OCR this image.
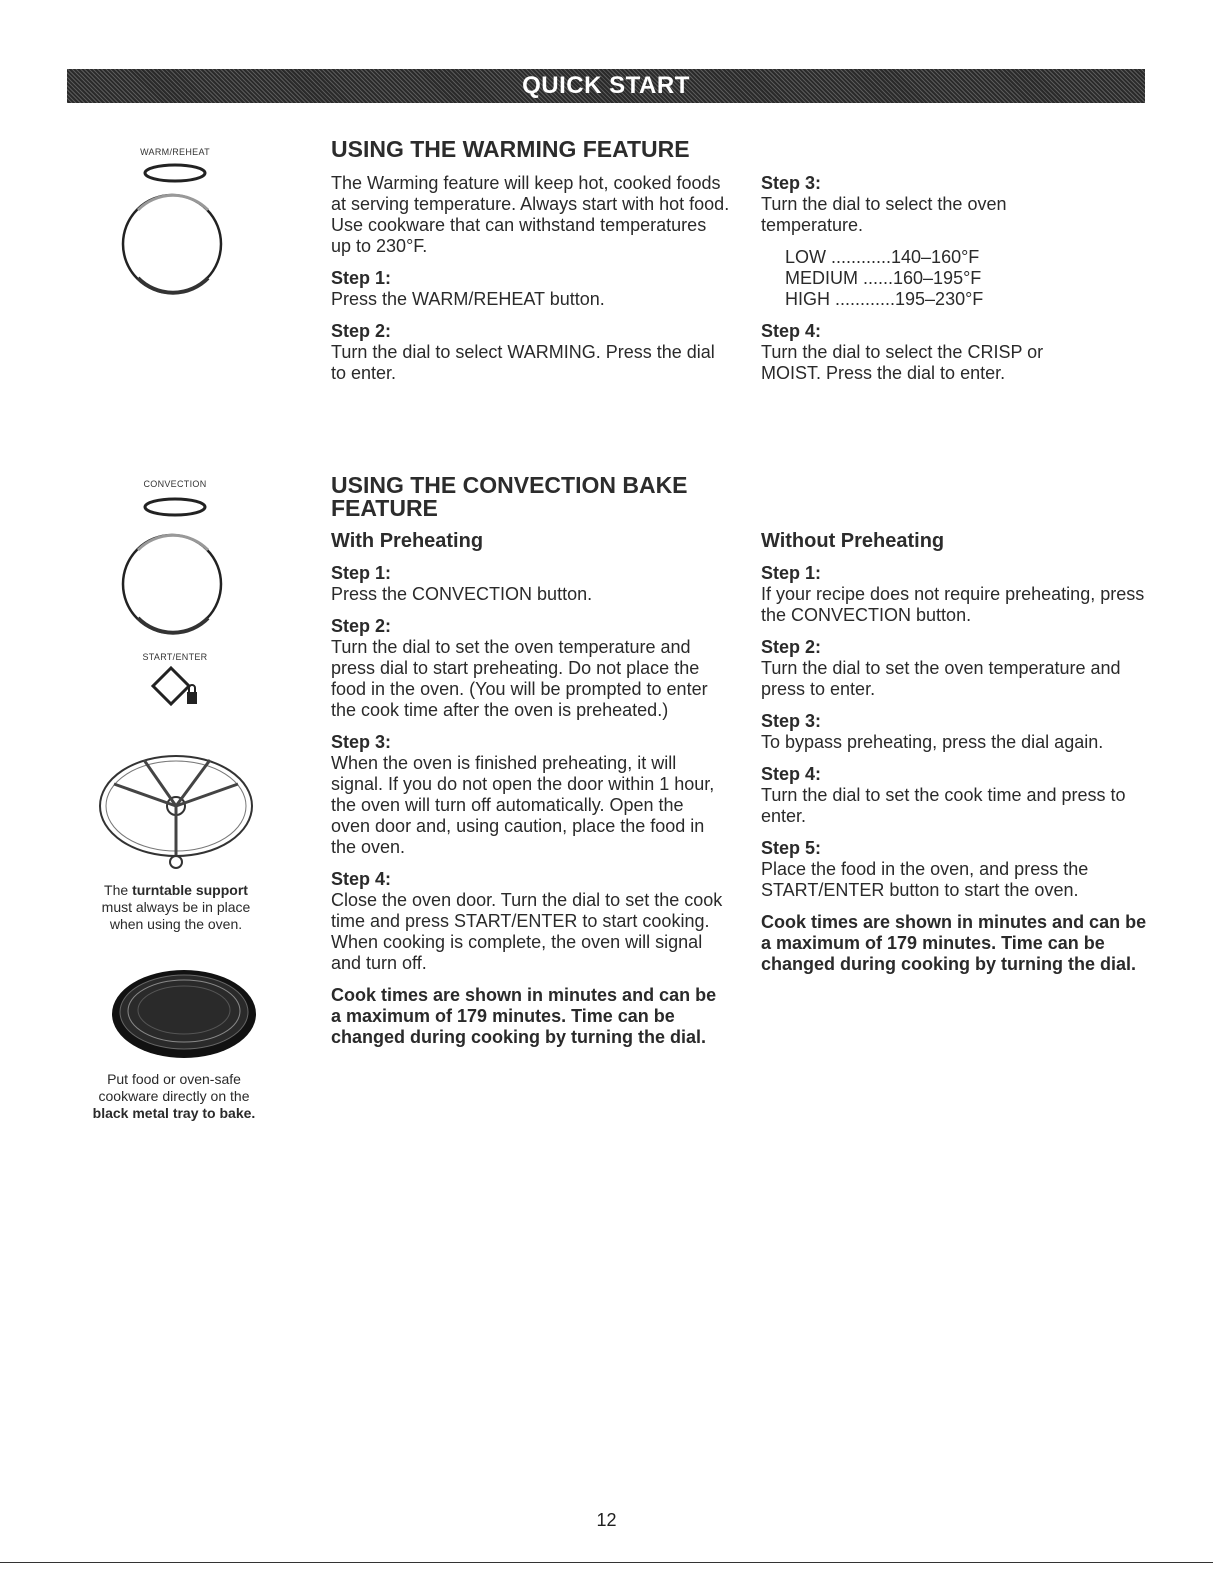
QUICK START
WARM/REHEAT
CONVECTION
START/ENTER
The turntable support
must always be in place when using the oven.
Put food or oven-safe
cookware directly on the
black metal tray to bake.
USING THE WARMING FEATURE

The Warming feature will keep hot, cooked foods at serving temperature. Always start with hot food. Use cookware that can withstand temperatures up to 230°F.

Step 1:

Press the WARM/REHEAT button.

Step 2:

Turn the dial to select WARMING. Press the dial to enter.

Step 3:

Turn the dial to select the oven temperature.

LOW ............140–160°F
MEDIUM ......160–195°F
HIGH ............195–230°F

Step 4:

Turn the dial to select the CRISP or MOIST. Press the dial to enter.

USING THE CONVECTION BAKE
FEATURE

With Preheating

Step 1:

Press the CONVECTION button.

Step 2:

Turn the dial to set the oven temperature and press dial to start preheating. Do not place the food in the oven. (You will be prompted to enter the cook time after the oven is preheated.)

Step 3:

When the oven is finished preheating, it will signal. If you do not open the door within 1 hour, the oven will turn off automatically. Open the oven door and, using caution, place the food in the oven.

Step 4:

Close the oven door. Turn the dial to set the cook time and press START/ENTER to start cooking. When cooking is complete, the oven will signal and turn off.

Cook times are shown in minutes and can be a maximum of 179 minutes. Time can be changed during cooking by turning the dial.

Without Preheating

Step 1:

If your recipe does not require preheating, press the CONVECTION button.

Step 2:

Turn the dial to set the oven temperature and press to enter.

Step 3:

To bypass preheating, press the dial again.

Step 4:

Turn the dial to set the cook time and press to enter.

Step 5:

Place the food in the oven, and press the START/ENTER button to start the oven.

Cook times are shown in minutes and can be a maximum of 179 minutes. Time can be changed during cooking by turning the dial.

12
